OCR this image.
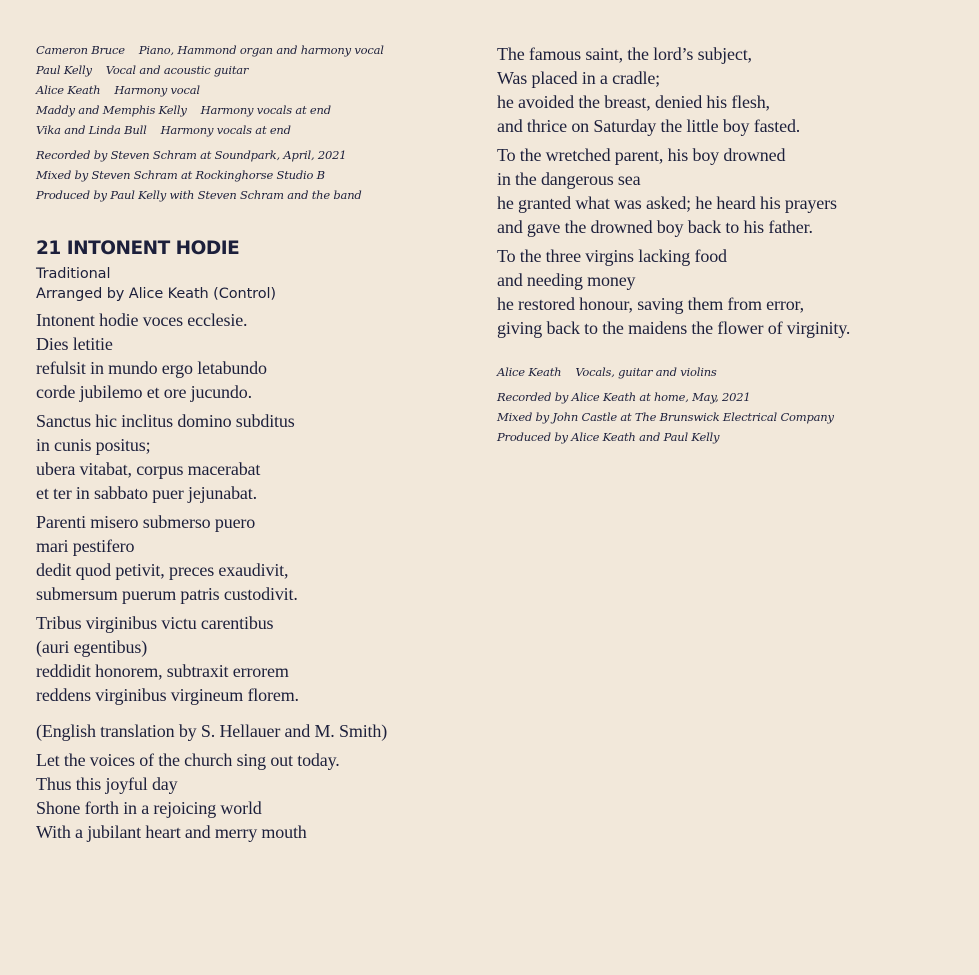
Cameron Bruce Piano, Hammond organ and harmony vocal
Paul Kelly Vocal and acoustic guitar
Alice Keath Harmony vocal
Maddy and Memphis Kelly Harmony vocals at end
Vika and Linda Bull Harmony vocals at end
Recorded by Steven Schram at Soundpark, April, 2021
Mixed by Steven Schram at Rockinghorse Studio B
Produced by Paul Kelly with Steven Schram and the band
21 INTONENT HODIE
Traditional
Arranged by Alice Keath (Control)
Intonent hodie voces ecclesie.
Dies letitie
refulsit in mundo ergo letabundo
corde jubilemo et ore jucundo.
Sanctus hic inclitus domino subditus
in cunis positus;
ubera vitabat, corpus macerabat
et ter in sabbato puer jejunabat.
Parenti misero submerso puero
mari pestifero
dedit quod petivit, preces exaudivit,
submersum puerum patris custodivit.
Tribus virginibus victu carentibus
(auri egentibus)
reddidit honorem, subtraxit errorem
reddens virginibus virgineum florem.
(English translation by S. Hellauer and M. Smith)
Let the voices of the church sing out today.
Thus this joyful day
Shone forth in a rejoicing world
With a jubilant heart and merry mouth
The famous saint, the lord’s subject,
Was placed in a cradle;
he avoided the breast, denied his flesh,
and thrice on Saturday the little boy fasted.
To the wretched parent, his boy drowned
in the dangerous sea
he granted what was asked; he heard his prayers
and gave the drowned boy back to his father.
To the three virgins lacking food
and needing money
he restored honour, saving them from error,
giving back to the maidens the flower of virginity.
Alice Keath Vocals, guitar and violins
Recorded by Alice Keath at home, May, 2021
Mixed by John Castle at The Brunswick Electrical Company
Produced by Alice Keath and Paul Kelly
